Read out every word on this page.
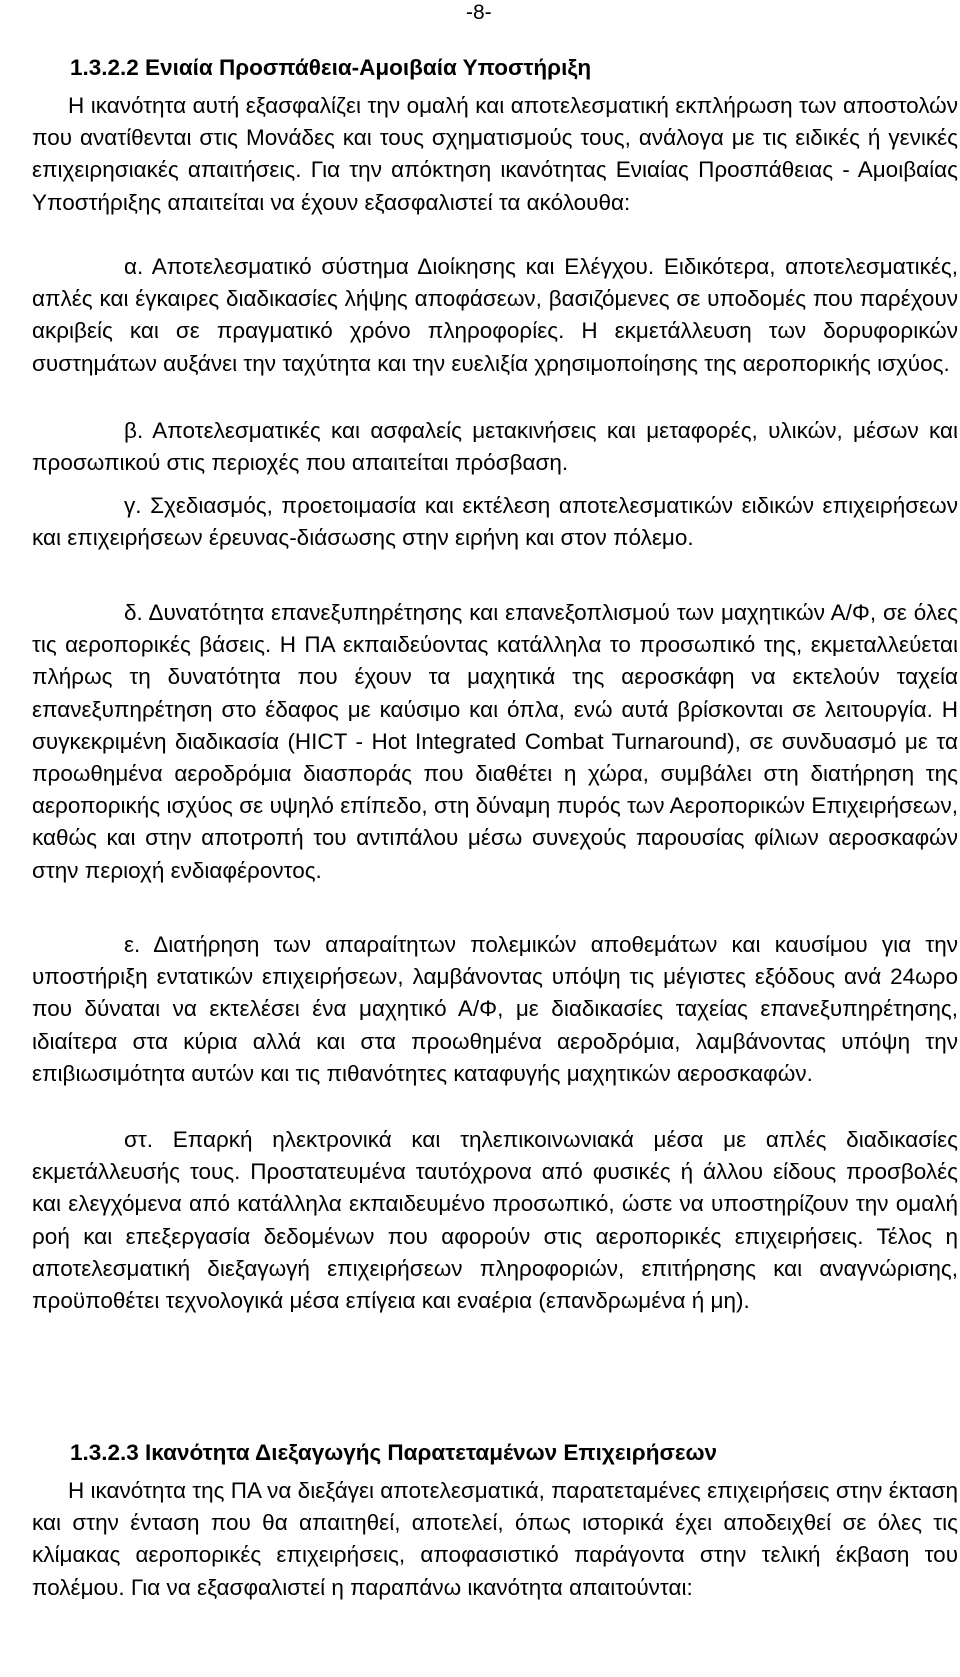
-8-
1.3.2.2 Ενιαία Προσπάθεια-Αμοιβαία Υποστήριξη

Η ικανότητα αυτή εξασφαλίζει την ομαλή και αποτελεσματική εκπλήρωση των αποστολών που ανατίθενται στις Μονάδες και τους σχηματισμούς τους, ανάλογα με τις ειδικές ή γενικές επιχειρησιακές απαιτήσεις. Για την απόκτηση ικανότητας Ενιαίας Προσπάθειας - Αμοιβαίας Υποστήριξης απαιτείται να έχουν εξασφαλιστεί τα ακόλουθα:

α. Αποτελεσματικό σύστημα Διοίκησης και Ελέγχου. Ειδικότερα, αποτελεσματικές, απλές και έγκαιρες διαδικασίες λήψης αποφάσεων, βασιζόμενες σε υποδομές που παρέχουν ακριβείς και σε πραγματικό χρόνο πληροφορίες. Η εκμετάλλευση των δορυφορικών συστημάτων αυξάνει την ταχύτητα και την ευελιξία χρησιμοποίησης της αεροπορικής ισχύος.

β. Αποτελεσματικές και ασφαλείς μετακινήσεις και μεταφορές, υλικών, μέσων και προσωπικού στις περιοχές που απαιτείται πρόσβαση.

γ. Σχεδιασμός, προετοιμασία και εκτέλεση αποτελεσματικών ειδικών επιχειρήσεων και επιχειρήσεων έρευνας-διάσωσης στην ειρήνη και στον πόλεμο.

δ. Δυνατότητα επανεξυπηρέτησης και επανεξοπλισμού των μαχητικών Α/Φ, σε όλες τις αεροπορικές βάσεις. Η ΠΑ εκπαιδεύοντας κατάλληλα το προσωπικό της, εκμεταλλεύεται πλήρως τη δυνατότητα που έχουν τα μαχητικά της αεροσκάφη να εκτελούν ταχεία επανεξυπηρέτηση στο έδαφος με καύσιμο και όπλα, ενώ αυτά βρίσκονται σε λειτουργία. Η συγκεκριμένη διαδικασία (HICT - Hot Integrated Combat Turnaround), σε συνδυασμό με τα προωθημένα αεροδρόμια διασποράς που διαθέτει η χώρα, συμβάλει στη διατήρηση της αεροπορικής ισχύος σε υψηλό επίπεδο, στη δύναμη πυρός των Αεροπορικών Επιχειρήσεων, καθώς και στην αποτροπή του αντιπάλου μέσω συνεχούς παρουσίας φίλιων αεροσκαφών στην περιοχή ενδιαφέροντος.

ε. Διατήρηση των απαραίτητων πολεμικών αποθεμάτων και καυσίμου για την υποστήριξη εντατικών επιχειρήσεων, λαμβάνοντας υπόψη τις μέγιστες εξόδους ανά 24ωρο που δύναται να εκτελέσει ένα μαχητικό Α/Φ, με διαδικασίες ταχείας επανεξυπηρέτησης, ιδιαίτερα στα κύρια αλλά και στα προωθημένα αεροδρόμια, λαμβάνοντας υπόψη την επιβιωσιμότητα αυτών και τις πιθανότητες καταφυγής μαχητικών αεροσκαφών.

στ. Επαρκή ηλεκτρονικά και τηλεπικοινωνιακά μέσα με απλές διαδικασίες εκμετάλλευσής τους. Προστατευμένα ταυτόχρονα από φυσικές ή άλλου είδους προσβολές και ελεγχόμενα από κατάλληλα εκπαιδευμένο προσωπικό, ώστε να υποστηρίζουν την ομαλή ροή και επεξεργασία δεδομένων που αφορούν στις αεροπορικές επιχειρήσεις. Τέλος η αποτελεσματική διεξαγωγή επιχειρήσεων πληροφοριών, επιτήρησης και αναγνώρισης, προϋποθέτει τεχνολογικά μέσα επίγεια και εναέρια (επανδρωμένα ή μη).

1.3.2.3 Ικανότητα Διεξαγωγής Παρατεταμένων Επιχειρήσεων

Η ικανότητα της ΠΑ να διεξάγει αποτελεσματικά, παρατεταμένες επιχειρήσεις στην έκταση και στην ένταση που θα απαιτηθεί, αποτελεί, όπως ιστορικά έχει αποδειχθεί σε όλες τις κλίμακας αεροπορικές επιχειρήσεις, αποφασιστικό παράγοντα στην τελική έκβαση του πολέμου. Για να εξασφαλιστεί η παραπάνω ικανότητα απαιτούνται:
